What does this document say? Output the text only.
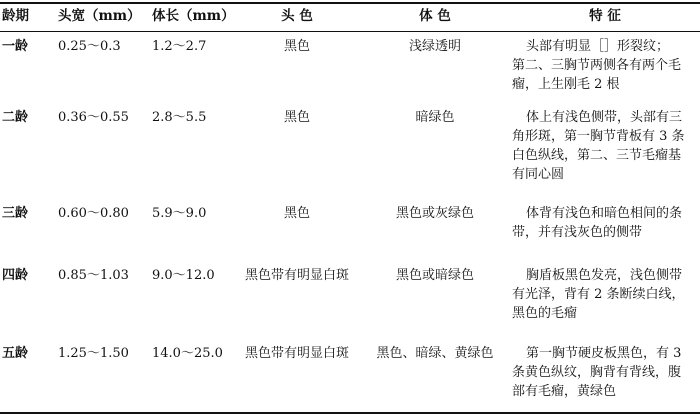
龄期	头宽（mm） 体长（mm）	头 色	体 色	特 征
一龄	0.25～0.3	1.2～2.7	黑色	浅绿透明	头部有明显［］形裂纹；
第二、三胸节两侧各有两个毛
瘤，上生刚毛 2 根
二龄	0.36～0.55	2.8～5.5	黑色	暗绿色	体上有浅色侧带，头部有三
角形斑，第一胸节背板有 3 条
白色纵线，第二、三节毛瘤基
有同心圆
三龄	0.60～0.80	5.9～9.0	黑色	黑色或灰绿色	体背有浅色和暗色相间的条
带，并有浅灰色的侧带
四龄	0.85～1.03	9.0～12.0	黑色带有明显白斑	黑色或暗绿色	胸盾板黑色发亮，浅色侧带
有光泽，背有 2 条断续白线，
黑色的毛瘤
五龄	1.25～1.50	14.0～25.0	黑色带有明显白斑	黑色、暗绿、黄绿色	第一胸节硬皮板黑色，有 3
条黄色纵纹，胸背有背线，腹
部有毛瘤，黄绿色
